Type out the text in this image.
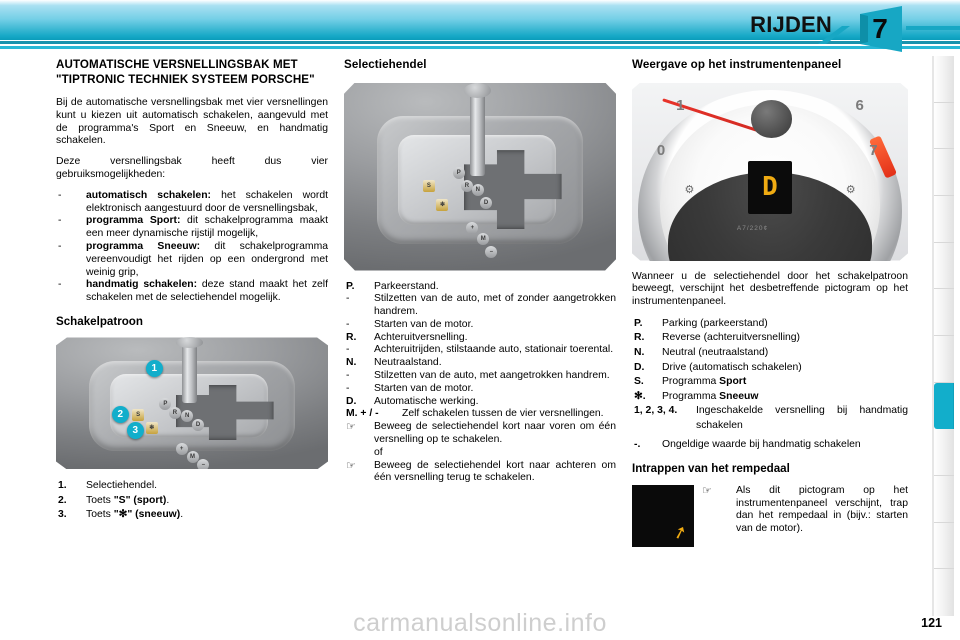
RIJDEN	7
AUTOMATISCHE VERSNELLINGSBAK MET "TIPTRONIC TECHNIEK SYSTEEM PORSCHE"

Bij de automatische versnellingsbak met vier versnellingen kunt u kiezen uit automatisch schakelen, aangevuld met de programma's Sport en Sneeuw, en handmatig schakelen.

Deze versnellingsbak heeft dus vier gebruiksmogelijkheden:

-	automatisch schakelen: het schakelen wordt elektronisch aangestuurd door de versnellingsbak,
-	programma Sport: dit schakelprogramma maakt een meer dynamische rijstijl mogelijk,
-	programma Sneeuw: dit schakelprogramma vereenvoudigt het rijden op een ondergrond met weinig grip,
-	handmatig schakelen: deze stand maakt het zelf schakelen met de selectiehendel mogelijk.
Schakelpatroon
P
R	N
D
S
✻
+
M
–
1
2
3
1. Selectiehendel.
2. Toets "S" (sport).
3. Toets "✻" (sneeuw).
Selectiehendel
P
R
N
D
S
✻
+
M
–
P.	Parkeerstand.
-	Stilzetten van de auto, met of zonder aangetrokken handrem.
-	Starten van de motor.
R.	Achteruitversnelling.
-	Achteruitrijden, stilstaande auto, stationair toerental.
N.	Neutraalstand.
-	Stilzetten van de auto, met aangetrokken handrem.
-	Starten van de motor.
D.	Automatische werking.
M. + / -	Zelf schakelen tussen de vier versnellingen.
☞	Beweeg de selectiehendel kort naar voren om één versnelling op te schakelen.
of
☞	Beweeg de selectiehendel kort naar achteren om één versnelling terug te schakelen.
Weergave op het instrumentenpaneel
0
1	6
7
⚙	⚙
D
A7/220¢

Wanneer u de selectiehendel door het schakelpatroon beweegt, verschijnt het desbetreffende pictogram op het instrumentenpaneel.

P. Parking (parkeerstand)
R. Reverse (achteruitversnelling)
N. Neutral (neutraalstand)
D. Drive (automatisch schakelen)
S. Programma Sport
✻. Programma Sneeuw
1, 2, 3, 4.	Ingeschakelde versnelling bij handmatig schakelen
-. Ongeldige waarde bij handmatig schakelen
Intrappen van het rempedaal
➚
☞	Als dit pictogram op het instrumentenpaneel verschijnt, trap dan het rempedaal in (bijv.: starten van de motor).
carmanualsonline.info	121
